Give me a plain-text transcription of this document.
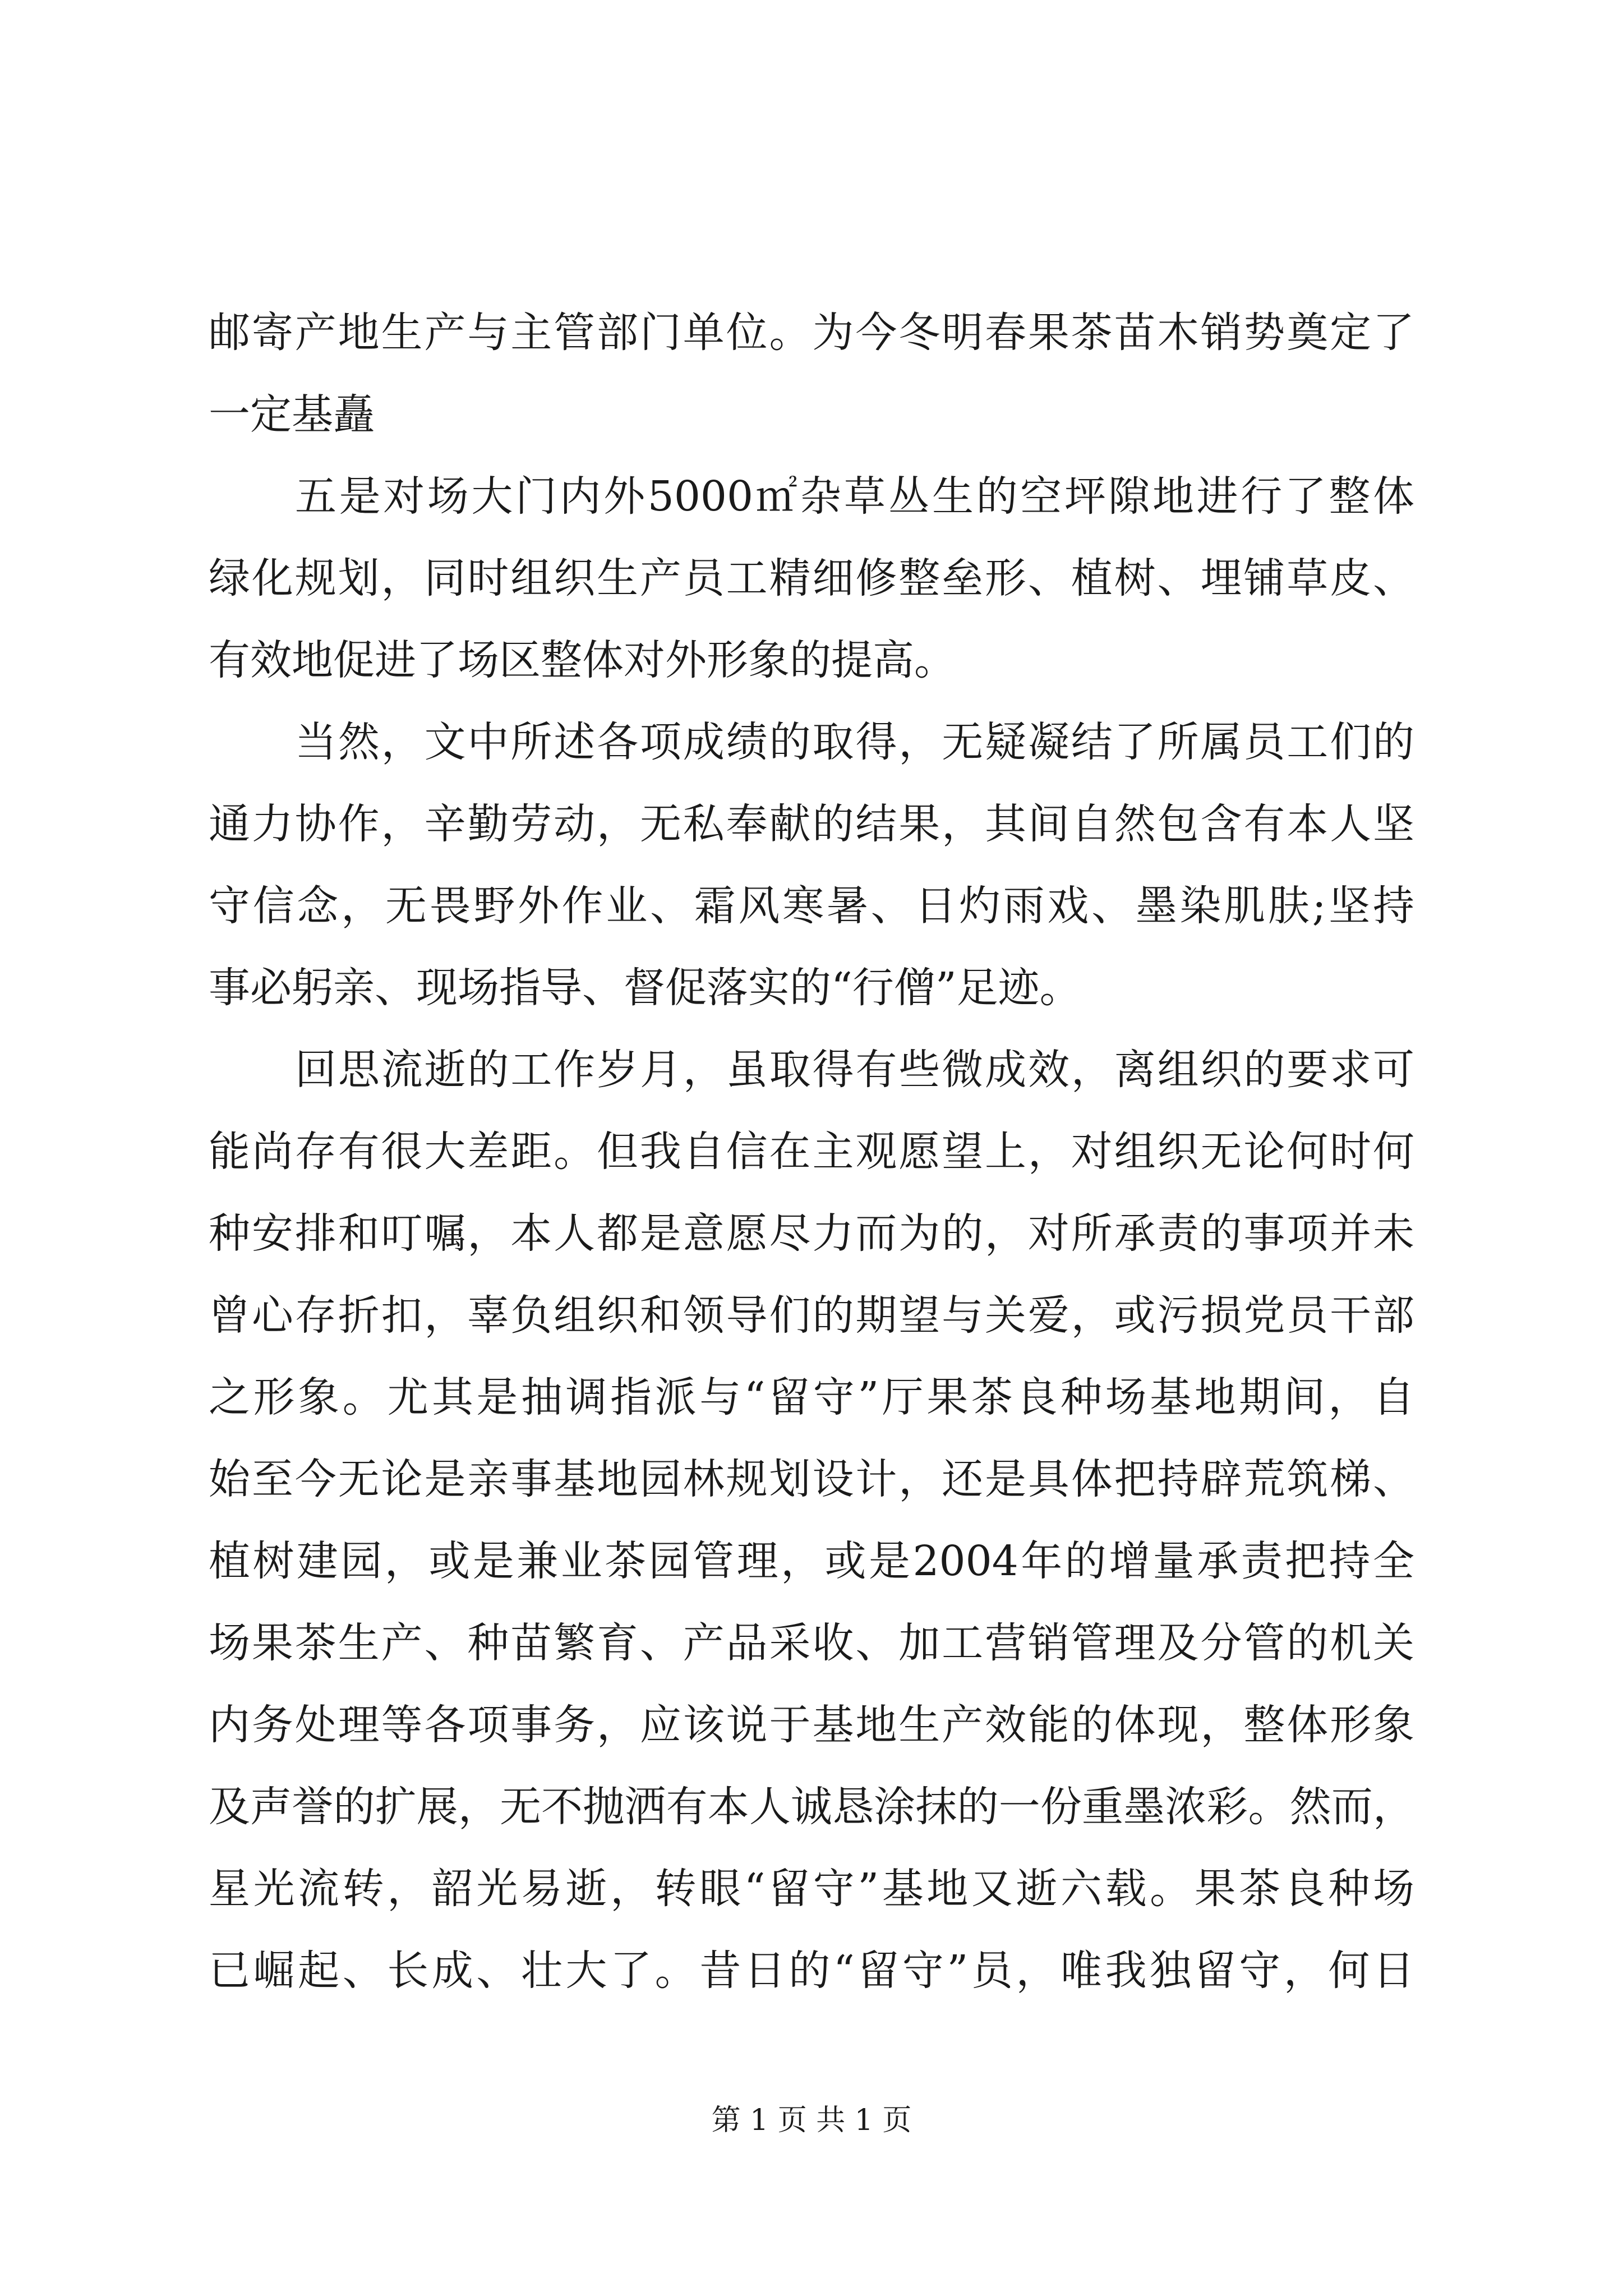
邮寄产地生产与主管部门单位。为今冬明春果茶苗木销势奠定了
一定基矗
五是对场大门内外5000㎡杂草丛生的空坪隙地进行了整体
绿化规划，同时组织生产员工精细修整垒形、植树、埋铺草皮、
有效地促进了场区整体对外形象的提高。
当然，文中所述各项成绩的取得，无疑凝结了所属员工们的
通力协作，辛勤劳动，无私奉献的结果，其间自然包含有本人坚
守信念，无畏野外作业、霜风寒暑、日灼雨戏、墨染肌肤;坚持
事必躬亲、现场指导、督促落实的“行僧”足迹。
回思流逝的工作岁月，虽取得有些微成效，离组织的要求可
能尚存有很大差距。但我自信在主观愿望上，对组织无论何时何
种安排和叮嘱，本人都是意愿尽力而为的，对所承责的事项并未
曾心存折扣，辜负组织和领导们的期望与关爱，或污损党员干部
之形象。尤其是抽调指派与“留守”厅果茶良种场基地期间，自
始至今无论是亲事基地园林规划设计，还是具体把持辟荒筑梯、
植树建园，或是兼业茶园管理，或是2004年的增量承责把持全
场果茶生产、种苗繁育、产品采收、加工营销管理及分管的机关
内务处理等各项事务，应该说于基地生产效能的体现，整体形象
及声誉的扩展，无不抛洒有本人诚恳涂抹的一份重墨浓彩。然而，
星光流转，韶光易逝，转眼“留守”基地又逝六载。果茶良种场
已崛起、长成、壮大了。昔日的“留守”员，唯我独留守，何日
第 1 页 共 1 页
